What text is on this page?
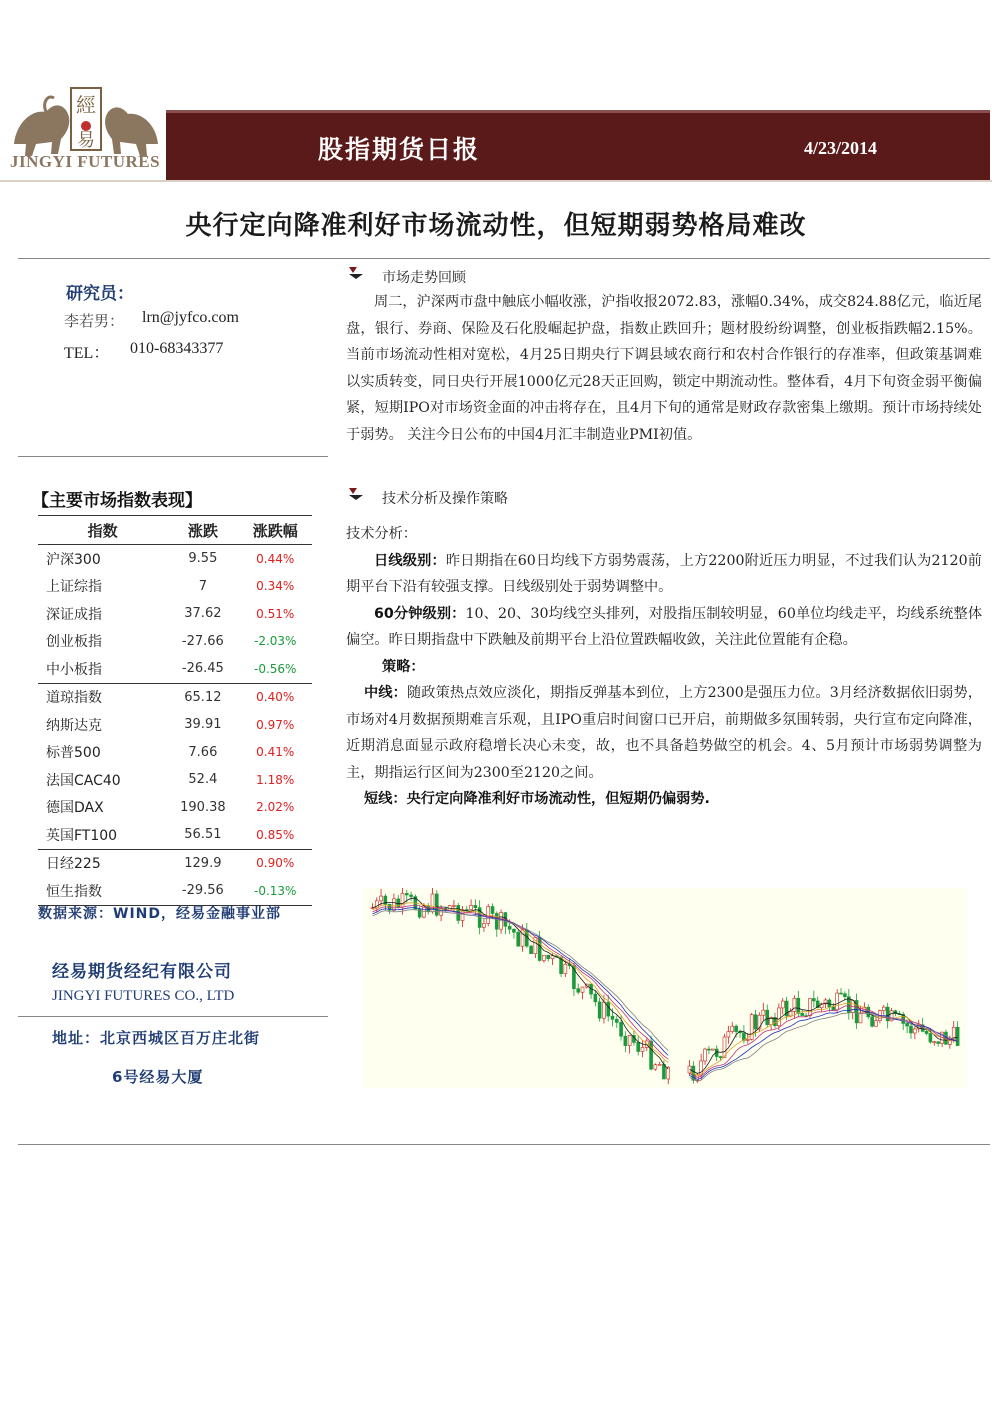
經
易
JINGYI FUTURES	股指期货日报	4/23/2014
央行定向降准利好市场流动性，但短期弱势格局难改
研究员：
李若男： lrn@jyfco.com
TEL： 010-68343377
【主要市场指数表现】
指数	涨跌	涨跌幅
沪深300	9.55	0.44%
上证综指	7	0.34%
深证成指	37.62	0.51%
创业板指	-27.66	-2.03%
中小板指	-26.45	-0.56%
道琼指数	65.12	0.40%
纳斯达克	39.91	0.97%
标普500	7.66	0.41%
法国CAC40	52.4	1.18%
德国DAX	190.38	2.02%
英国FT100	56.51	0.85%
日经225	129.9	0.90%
恒生指数	-29.56	-0.13%
数据来源：WIND，经易金融事业部
经易期货经纪有限公司
JINGYI FUTURES CO., LTD
地址：北京西城区百万庄北街
6号经易大厦
市场走势回顾

周二，沪深两市盘中触底小幅收涨，沪指收报2072.83，涨幅0.34%，成交824.88亿元，临近尾盘，银行、券商、保险及石化股崛起护盘，指数止跌回升；题材股纷纷调整，创业板指跌幅2.15%。当前市场流动性相对宽松，4月25日期央行下调县域农商行和农村合作银行的存准率，但政策基调难以实质转变，同日央行开展1000亿元28天正回购，锁定中期流动性。整体看，4月下旬资金弱平衡偏紧，短期IPO对市场资金面的冲击将存在，且4月下旬的通常是财政存款密集上缴期。预计市场持续处于弱势。 关注今日公布的中国4月汇丰制造业PMI初值。

技术分析及操作策略

技术分析：

日线级别：昨日期指在60日均线下方弱势震荡，上方2200附近压力明显，不过我们认为2120前期平台下沿有较强支撑。日线级别处于弱势调整中。

60分钟级别：10、20、30均线空头排列，对股指压制较明显，60单位均线走平，均线系统整体偏空。昨日期指盘中下跌触及前期平台上沿位置跌幅收敛，关注此位置能有企稳。

策略：

中线：随政策热点效应淡化，期指反弹基本到位，上方2300是强压力位。3月经济数据依旧弱势，市场对4月数据预期难言乐观，且IPO重启时间窗口已开启，前期做多氛围转弱，央行宣布定向降准，近期消息面显示政府稳增长决心未变，故，也不具备趋势做空的机会。4、5月预计市场弱势调整为主，期指运行区间为2300至2120之间。

短线：央行定向降准利好市场流动性，但短期仍偏弱势.
